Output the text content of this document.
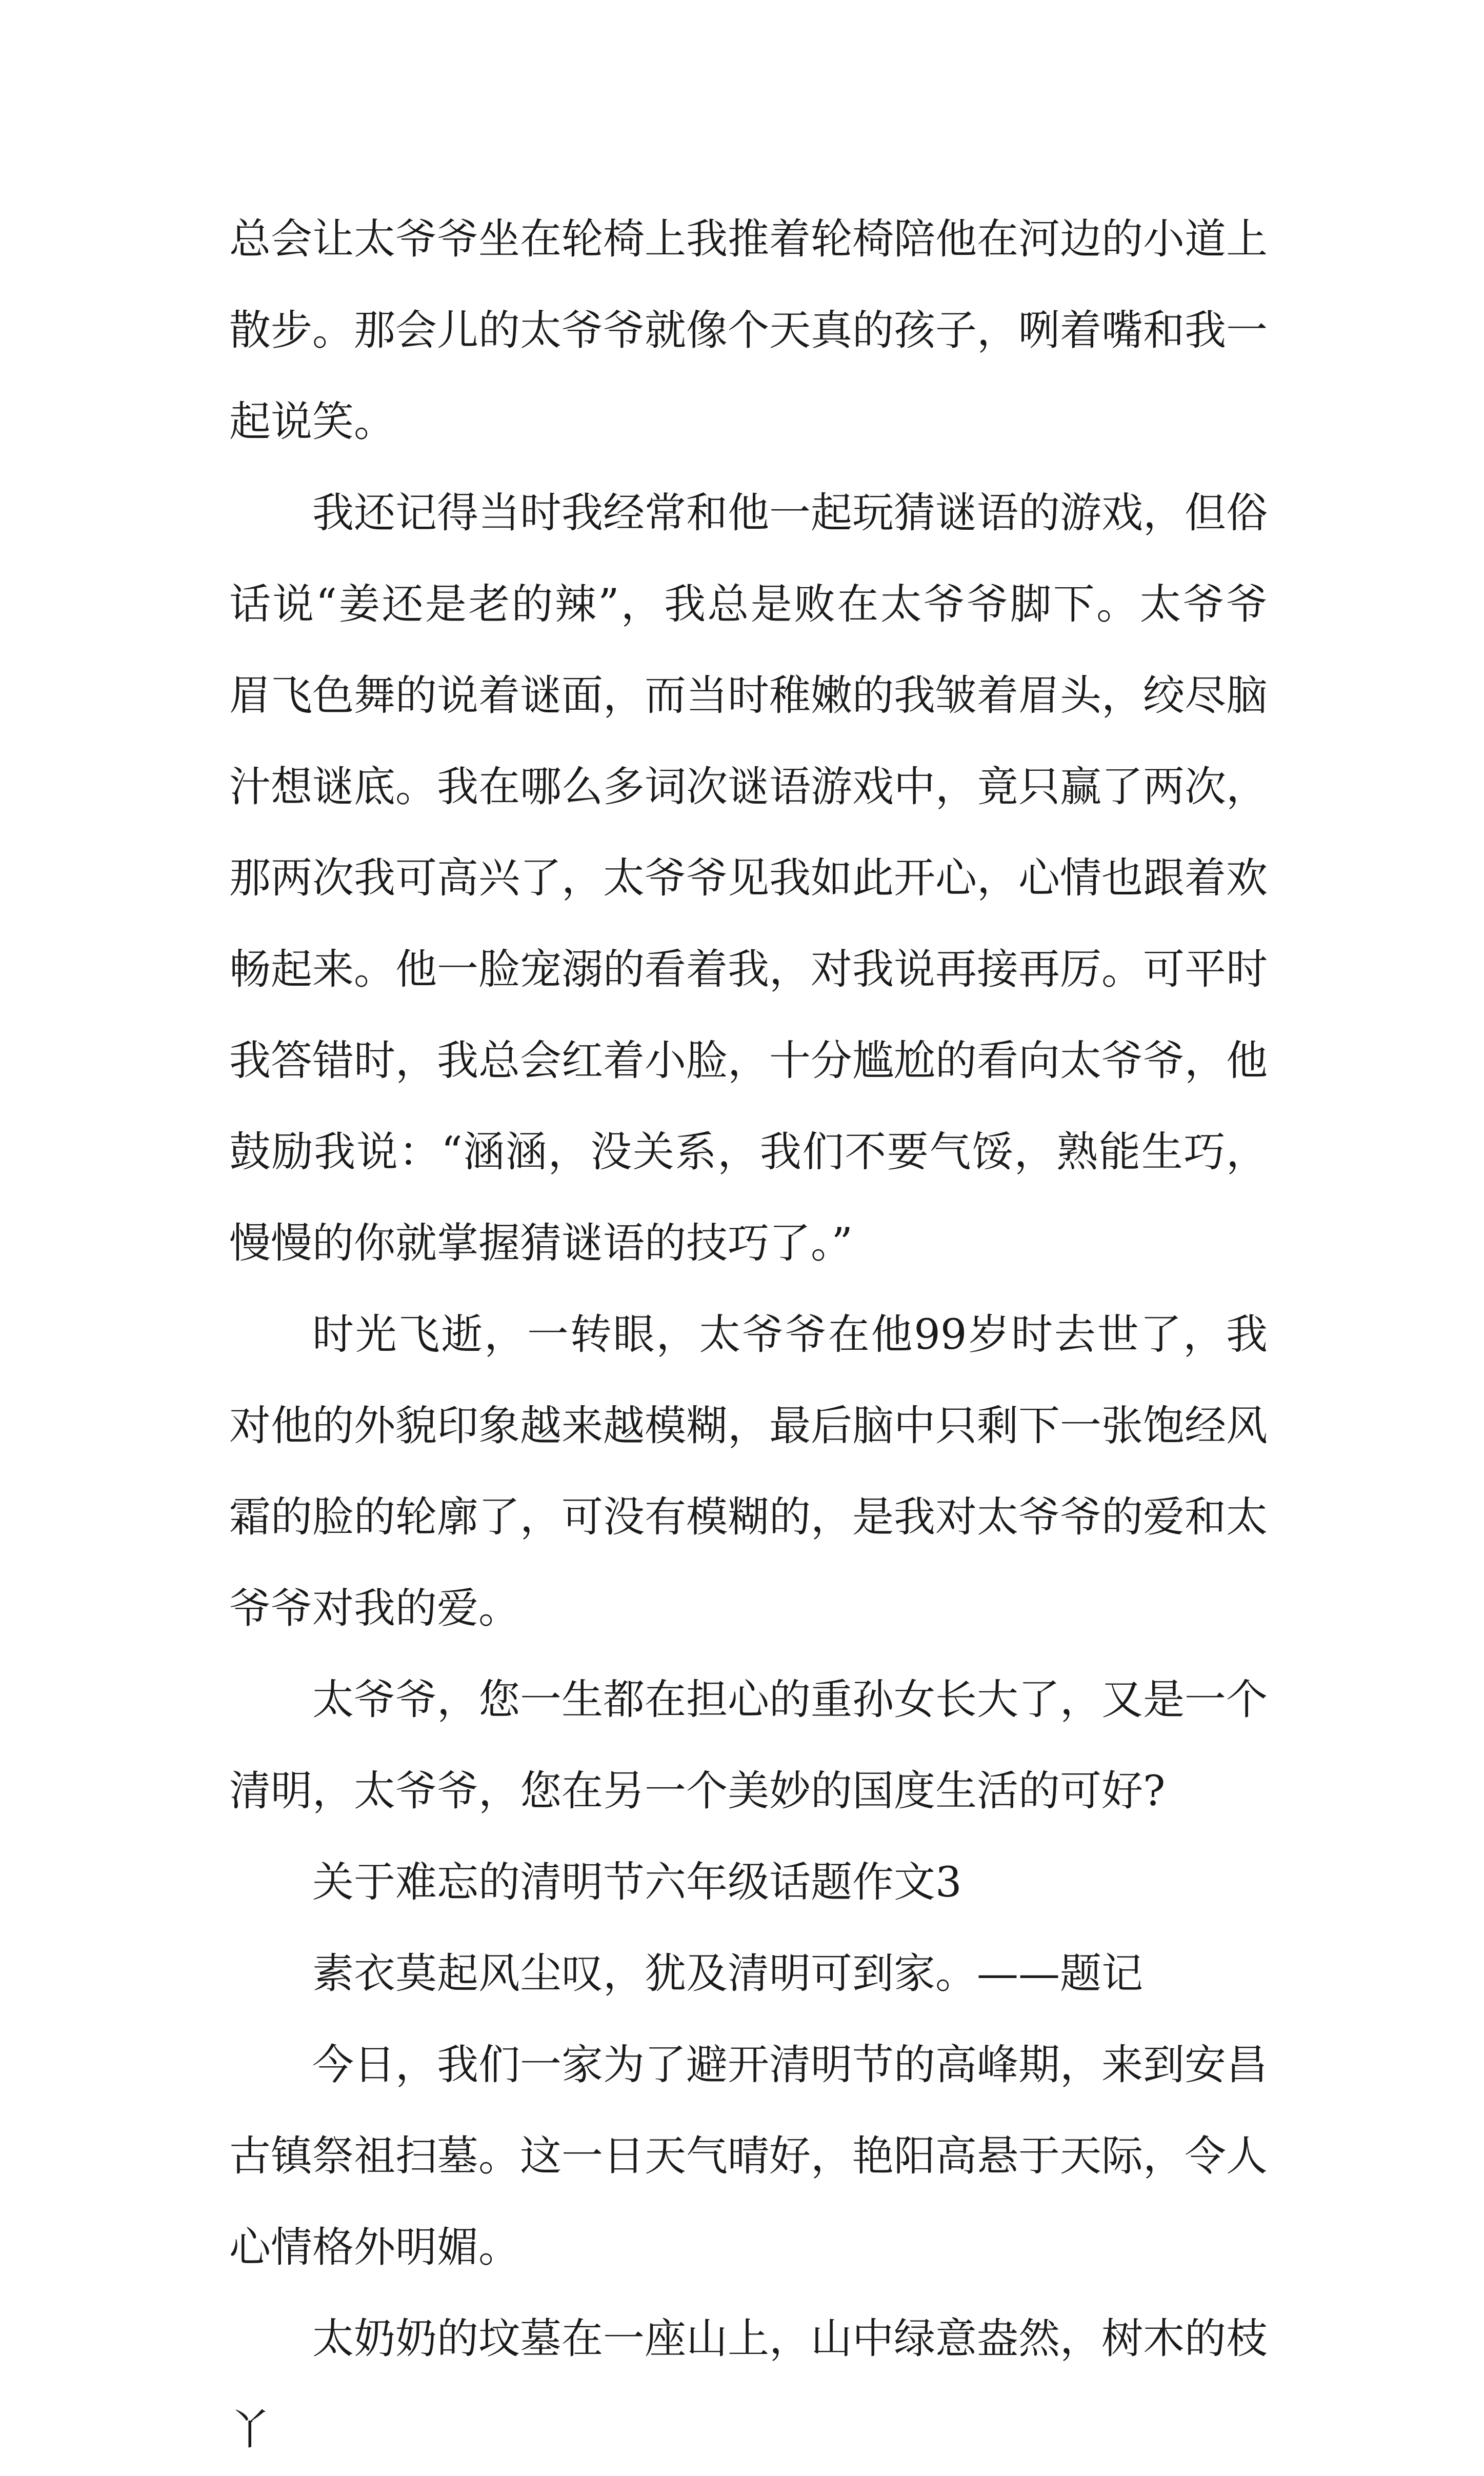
总会让太爷爷坐在轮椅上我推着轮椅陪他在河边的小道上散步。那会儿的太爷爷就像个天真的孩子，咧着嘴和我一起说笑。

我还记得当时我经常和他一起玩猜谜语的游戏，但俗话说“姜还是老的辣”，我总是败在太爷爷脚下。太爷爷眉飞色舞的说着谜面，而当时稚嫩的我皱着眉头，绞尽脑汁想谜底。我在哪么多词次谜语游戏中，竟只赢了两次，那两次我可高兴了，太爷爷见我如此开心，心情也跟着欢畅起来。他一脸宠溺的看着我，对我说再接再厉。可平时我答错时，我总会红着小脸，十分尴尬的看向太爷爷，他鼓励我说：“涵涵，没关系，我们不要气馁，熟能生巧，慢慢的你就掌握猜谜语的技巧了。”

时光飞逝，一转眼，太爷爷在他99岁时去世了，我对他的外貌印象越来越模糊，最后脑中只剩下一张饱经风霜的脸的轮廓了，可没有模糊的，是我对太爷爷的爱和太爷爷对我的爱。

太爷爷，您一生都在担心的重孙女长大了，又是一个清明，太爷爷，您在另一个美妙的国度生活的可好?

关于难忘的清明节六年级话题作文3

素衣莫起风尘叹，犹及清明可到家。——题记

今日，我们一家为了避开清明节的高峰期，来到安昌古镇祭祖扫墓。这一日天气晴好，艳阳高悬于天际，令人心情格外明媚。

太奶奶的坟墓在一座山上，山中绿意盎然，树木的枝丫
